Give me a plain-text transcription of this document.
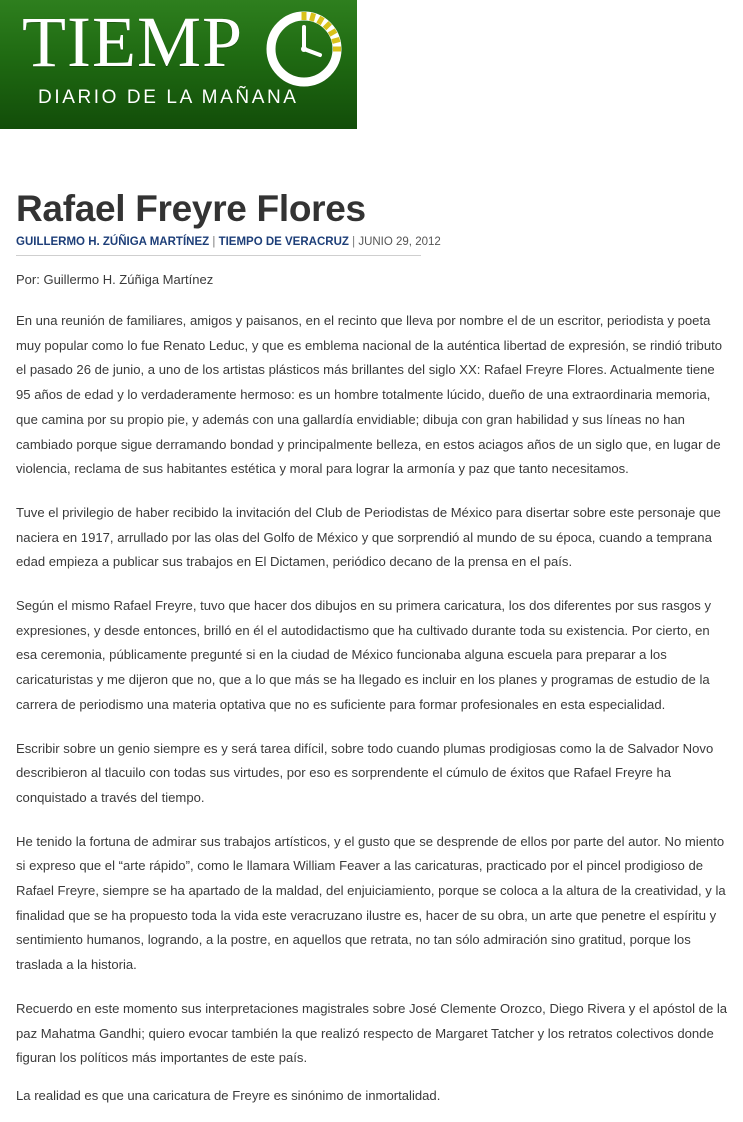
TIEMP
DIARIO DE LA MAÑANA
Rafael Freyre Flores
GUILLERMO H. ZÚÑIGA MARTÍNEZ | TIEMPO DE VERACRUZ | JUNIO 29, 2012
Por: Guillermo H. Zúñiga Martínez

En una reunión de familiares, amigos y paisanos, en el recinto que lleva por nombre el de un escritor, periodista y poeta muy popular como lo fue Renato Leduc, y que es emblema nacional de la auténtica libertad de expresión, se rindió tributo el pasado 26 de junio, a uno de los artistas plásticos más brillantes del siglo XX: Rafael Freyre Flores. Actualmente tiene 95 años de edad y lo verdaderamente hermoso: es un hombre totalmente lúcido, dueño de una extraordinaria memoria, que camina por su propio pie, y además con una gallardía envidiable; dibuja con gran habilidad y sus líneas no han cambiado porque sigue derramando bondad y principalmente belleza, en estos aciagos años de un siglo que, en lugar de violencia, reclama de sus habitantes estética y moral para lograr la armonía y paz que tanto necesitamos.

Tuve el privilegio de haber recibido la invitación del Club de Periodistas de México para disertar sobre este personaje que naciera en 1917, arrullado por las olas del Golfo de México y que sorprendió al mundo de su época, cuando a temprana edad empieza a publicar sus trabajos en El Dictamen, periódico decano de la prensa en el país.

Según el mismo Rafael Freyre, tuvo que hacer dos dibujos en su primera caricatura, los dos diferentes por sus rasgos y expresiones, y desde entonces, brilló en él el autodidactismo que ha cultivado durante toda su existencia. Por cierto, en esa ceremonia, públicamente pregunté si en la ciudad de México funcionaba alguna escuela para preparar a los caricaturistas y me dijeron que no, que a lo que más se ha llegado es incluir en los planes y programas de estudio de la carrera de periodismo una materia optativa que no es suficiente para formar profesionales en esta especialidad.

Escribir sobre un genio siempre es y será tarea difícil, sobre todo cuando plumas prodigiosas como la de Salvador Novo describieron al tlacuilo con todas sus virtudes, por eso es sorprendente el cúmulo de éxitos que Rafael Freyre ha conquistado a través del tiempo.

He tenido la fortuna de admirar sus trabajos artísticos, y el gusto que se desprende de ellos por parte del autor. No miento si expreso que el “arte rápido”, como le llamara William Feaver a las caricaturas, practicado por el pincel prodigioso de Rafael Freyre, siempre se ha apartado de la maldad, del enjuiciamiento, porque se coloca a la altura de la creatividad, y la finalidad que se ha propuesto toda la vida este veracruzano ilustre es, hacer de su obra, un arte que penetre el espíritu y sentimiento humanos, logrando, a la postre, en aquellos que retrata, no tan sólo admiración sino gratitud, porque los traslada a la historia.

Recuerdo en este momento sus interpretaciones magistrales sobre José Clemente Orozco, Diego Rivera y el apóstol de la paz Mahatma Gandhi; quiero evocar también la que realizó respecto de Margaret Tatcher y los retratos colectivos donde figuran los políticos más importantes de este país.

La realidad es que una caricatura de Freyre es sinónimo de inmortalidad.
